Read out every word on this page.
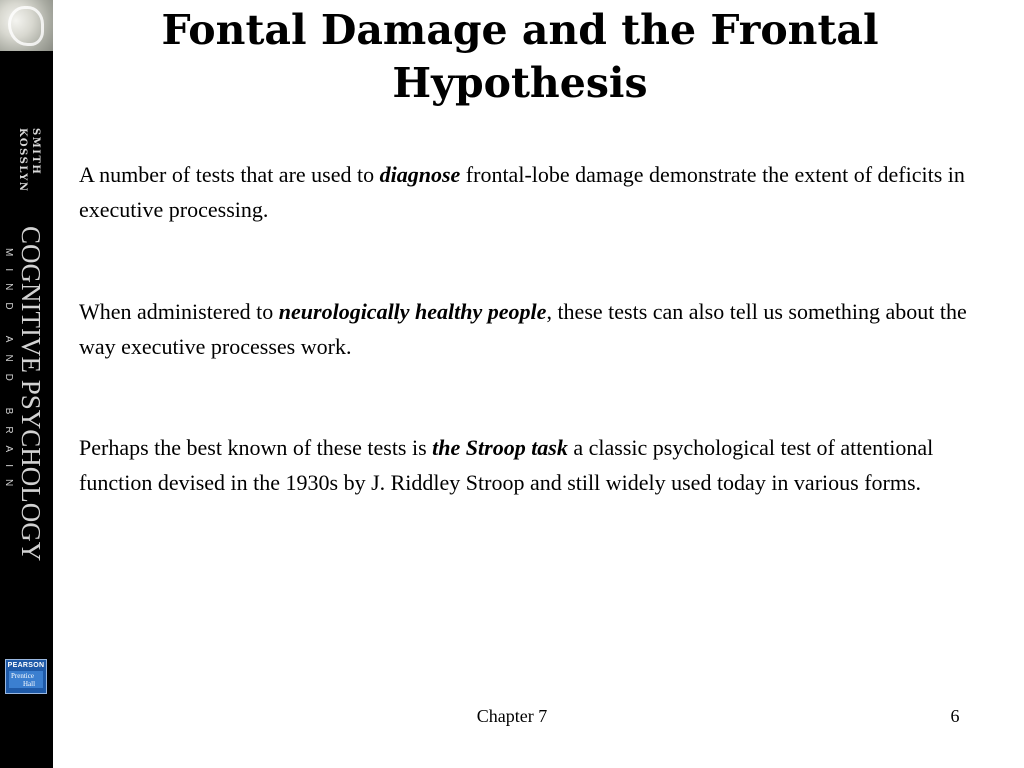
SMITH
KOSSLYN
COGNITIVE PSYCHOLOGY
MIND AND BRAIN
PEARSON
Prentice
Hall
Fontal Damage and the Frontal
Hypothesis
A number of tests that are used to diagnose frontal-lobe damage demonstrate the extent of deficits in executive processing.
When administered to neurologically healthy people, these tests can also tell us something about the way executive processes work.
Perhaps the best known of these tests is the Stroop task a classic psychological test of attentional function devised in the 1930s by J. Riddley Stroop and still widely used today in various forms.
Chapter 7	6
